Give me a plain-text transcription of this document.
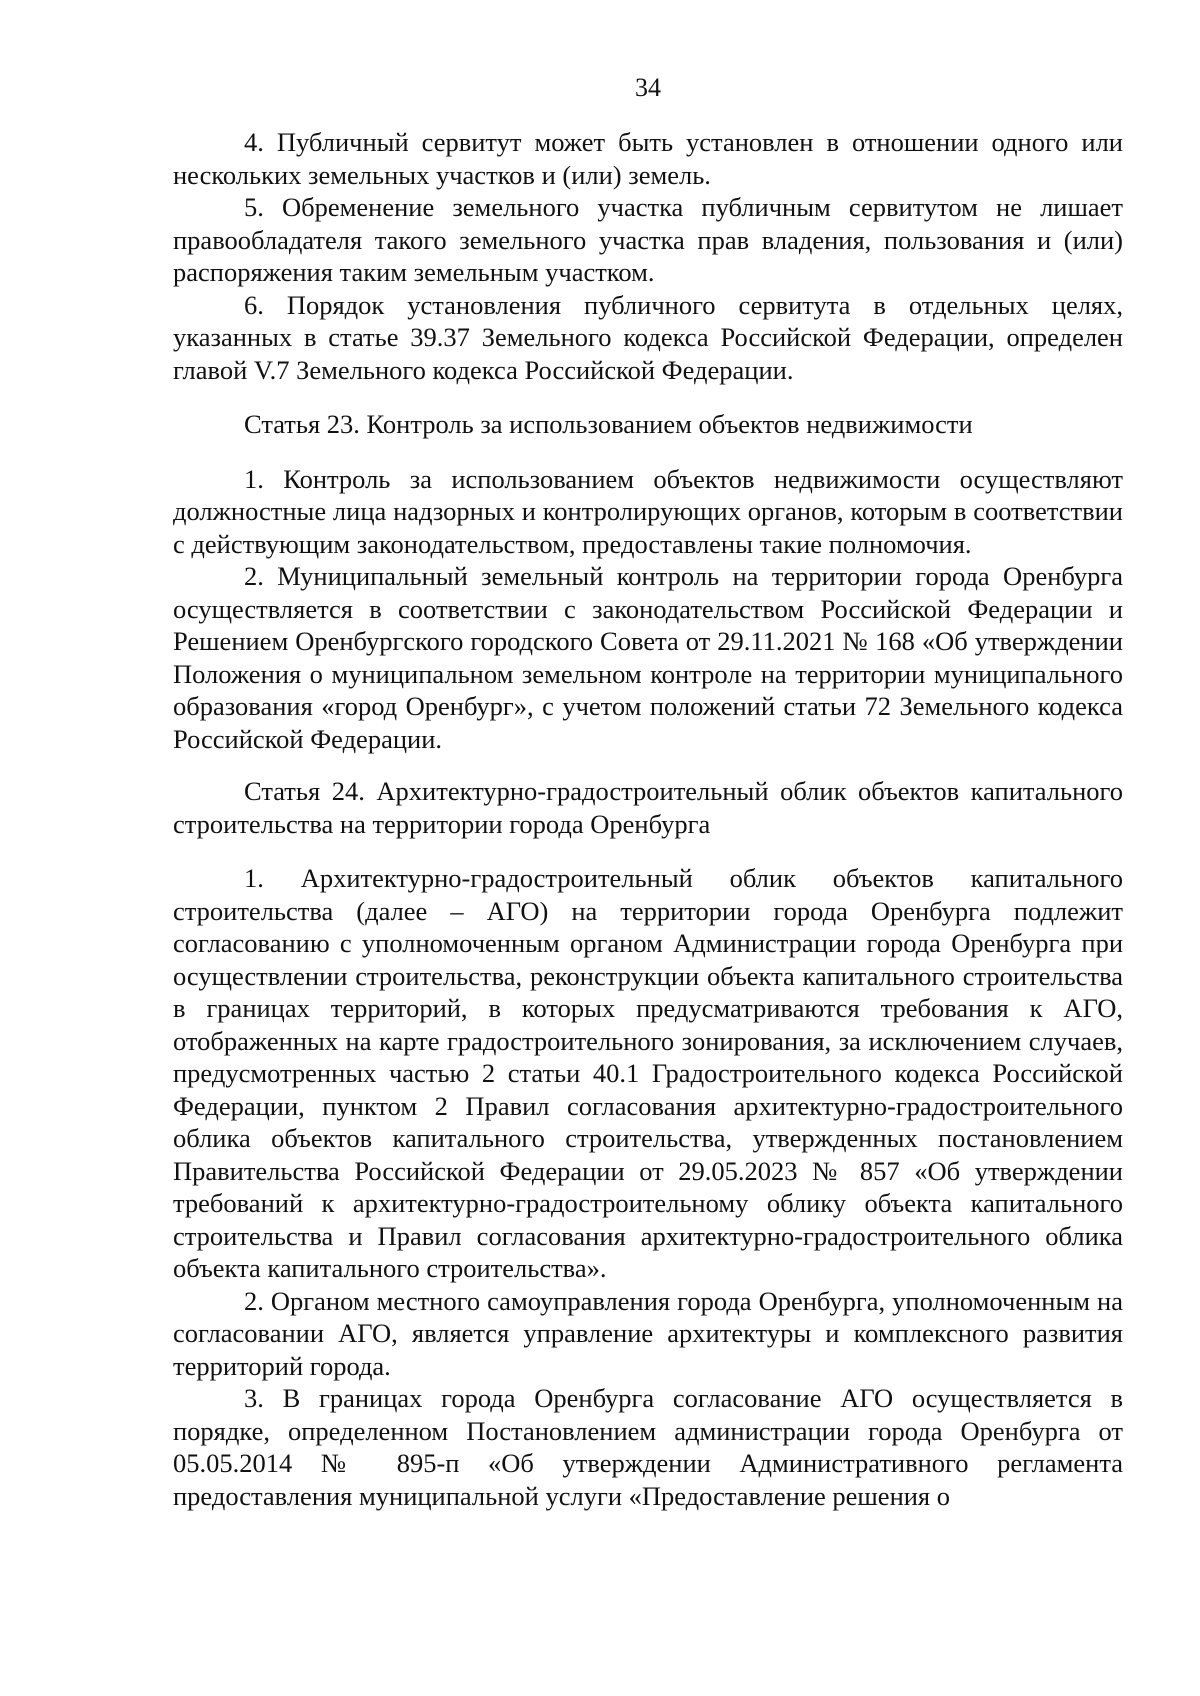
34

4. Публичный сервитут может быть установлен в отношении одного или нескольких земельных участков и (или) земель.

5. Обременение земельного участка публичным сервитутом не лишает правообладателя такого земельного участка прав владения, пользования и (или) распоряжения таким земельным участком.

6. Порядок установления публичного сервитута в отдельных целях, указанных в статье 39.37 Земельного кодекса Российской Федерации, определен главой V.7 Земельного кодекса Российской Федерации.

Статья 23. Контроль за использованием объектов недвижимости

1. Контроль за использованием объектов недвижимости осуществляют должностные лица надзорных и контролирующих органов, которым в соответствии с действующим законодательством, предоставлены такие полномочия.

2. Муниципальный земельный контроль на территории города Оренбурга осуществляется в соответствии с законодательством Российской Федерации и Решением Оренбургского городского Совета от 29.11.2021 № 168 «Об утверждении Положения о муниципальном земельном контроле на территории муниципального образования «город Оренбург», с учетом положений статьи 72 Земельного кодекса Российской Федерации.

Статья 24. Архитектурно-градостроительный облик объектов капитального строительства на территории города Оренбурга

1. Архитектурно-градостроительный облик объектов капитального строительства (далее – АГО) на территории города Оренбурга подлежит согласованию с уполномоченным органом Администрации города Оренбурга при осуществлении строительства, реконструкции объекта капитального строительства в границах территорий, в которых предусматриваются требования к АГО, отображенных на карте градостроительного зонирования, за исключением случаев, предусмотренных частью 2 статьи 40.1 Градостроительного кодекса Российской Федерации, пунктом 2 Правил согласования архитектурно-градостроительного облика объектов капитального строительства, утвержденных постановлением Правительства Российской Федерации от 29.05.2023 № 857 «Об утверждении требований к архитектурно-градостроительному облику объекта капитального строительства и Правил согласования архитектурно-градостроительного облика объекта капитального строительства».

2. Органом местного самоуправления города Оренбурга, уполномоченным на согласовании АГО, является управление архитектуры и комплексного развития территорий города.

3. В границах города Оренбурга согласование АГО осуществляется в порядке, определенном Постановлением администрации города Оренбурга от 05.05.2014 № 895-п «Об утверждении Административного регламента предоставления муниципальной услуги «Предоставление решения о
